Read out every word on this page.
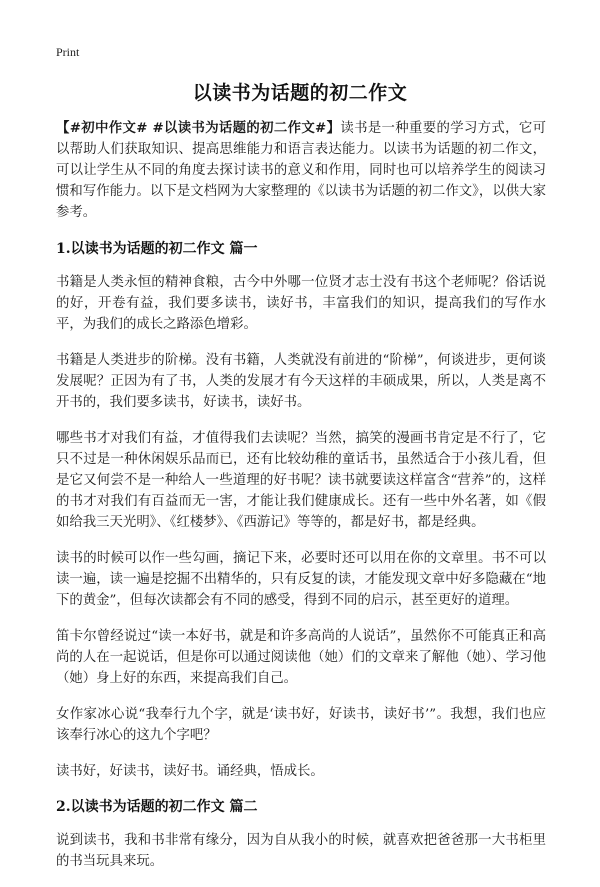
Print
以读书为话题的初二作文

【#初中作文# #以读书为话题的初二作文#】读书是一种重要的学习方式，它可以帮助人们获取知识、提高思维能力和语言表达能力。以读书为话题的初二作文，可以让学生从不同的角度去探讨读书的意义和作用，同时也可以培养学生的阅读习惯和写作能力。以下是文档网为大家整理的《以读书为话题的初二作文》，以供大家参考。

1.以读书为话题的初二作文 篇一

书籍是人类永恒的精神食粮，古今中外哪一位贤才志士没有书这个老师呢？俗话说的好，开卷有益，我们要多读书，读好书，丰富我们的知识，提高我们的写作水平，为我们的成长之路添色增彩。

书籍是人类进步的阶梯。没有书籍，人类就没有前进的“阶梯”，何谈进步，更何谈发展呢？正因为有了书，人类的发展才有今天这样的丰硕成果，所以，人类是离不开书的，我们要多读书，好读书，读好书。

哪些书才对我们有益，才值得我们去读呢？当然，搞笑的漫画书肯定是不行了，它只不过是一种休闲娱乐品而已，还有比较幼稚的童话书，虽然适合于小孩儿看，但是它又何尝不是一种给人一些道理的好书呢？读书就要读这样富含“营养”的，这样的书才对我们有百益而无一害，才能让我们健康成长。还有一些中外名著，如《假如给我三天光明》、《红楼梦》、《西游记》等等的，都是好书，都是经典。

读书的时候可以作一些勾画，摘记下来，必要时还可以用在你的文章里。书不可以读一遍，读一遍是挖掘不出精华的，只有反复的读，才能发现文章中好多隐藏在“地下的黄金”，但每次读都会有不同的感受，得到不同的启示，甚至更好的道理。

笛卡尔曾经说过“读一本好书，就是和许多高尚的人说话”，虽然你不可能真正和高尚的人在一起说话，但是你可以通过阅读他（她）们的文章来了解他（她）、学习他（她）身上好的东西，来提高我们自己。

女作家冰心说“我奉行九个字，就是‘读书好，好读书，读好书’”。我想，我们也应该奉行冰心的这九个字吧？

读书好，好读书，读好书。诵经典，悟成长。

2.以读书为话题的初二作文 篇二

说到读书，我和书非常有缘分，因为自从我小的时候，就喜欢把爸爸那一大书柜里的书当玩具来玩。
